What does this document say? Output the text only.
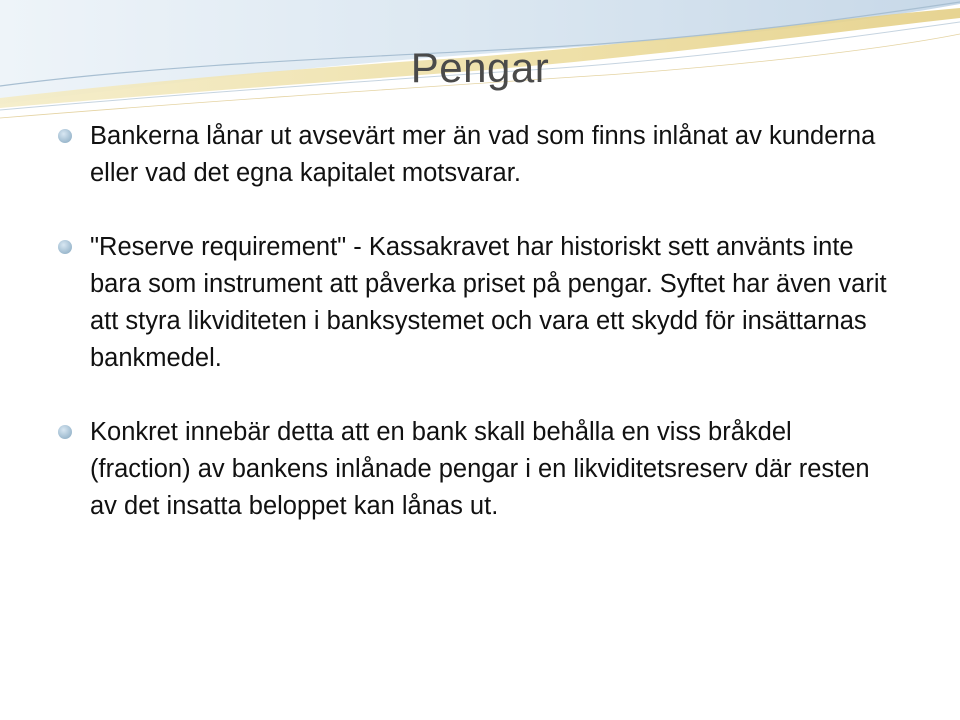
Pengar
Bankerna lånar ut avsevärt mer än vad som finns inlånat av kunderna eller vad det egna kapitalet motsvarar.
"Reserve requirement" - Kassakravet har historiskt sett använts inte bara som instrument att påverka priset på pengar. Syftet har även varit att styra likviditeten i banksystemet och vara ett skydd för insättarnas bankmedel.
Konkret innebär detta att en bank skall behålla en viss bråkdel (fraction) av bankens inlånade pengar i en likviditetsreserv där resten av det insatta beloppet kan lånas ut.
